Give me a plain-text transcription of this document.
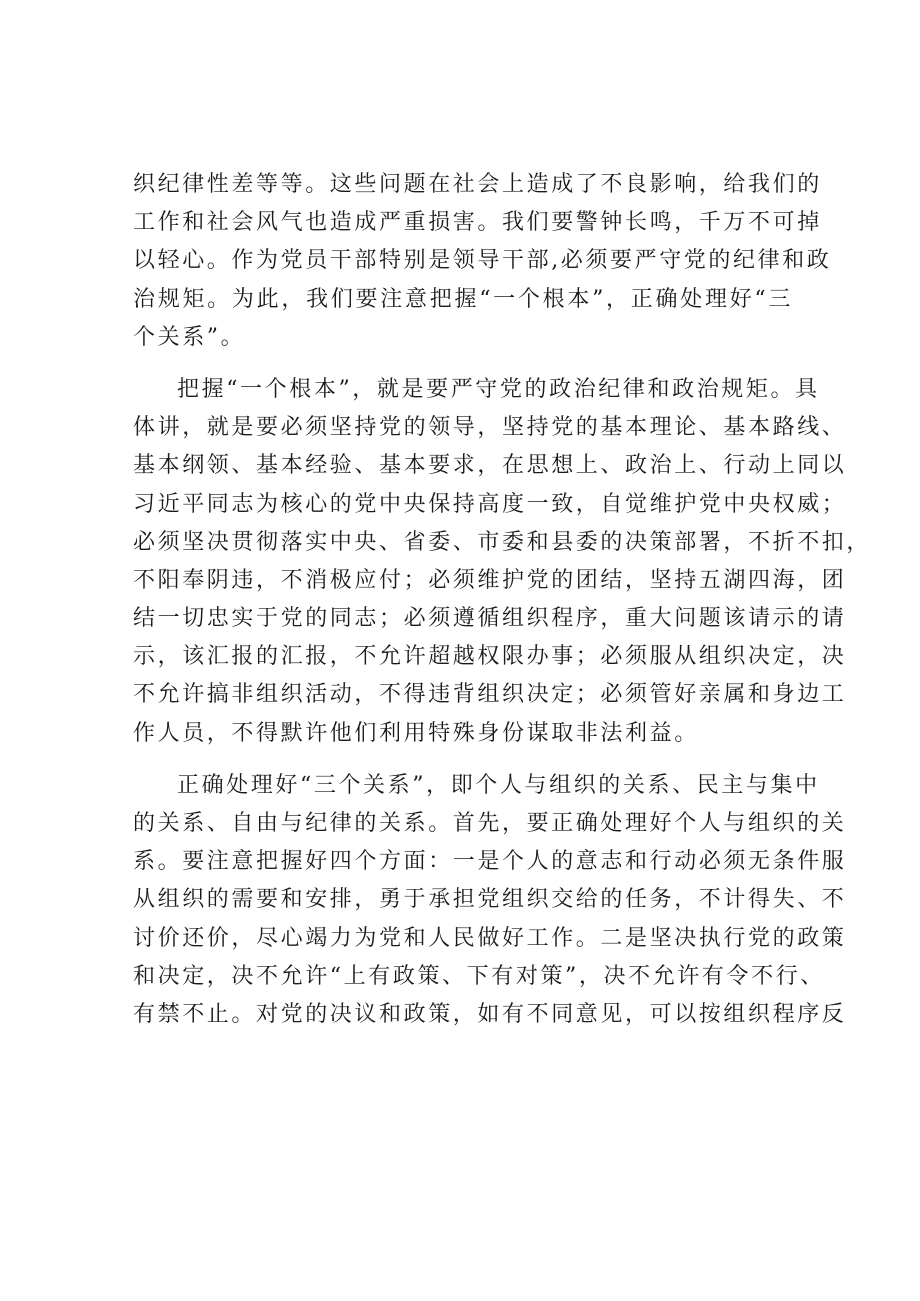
织纪律性差等等。这些问题在社会上造成了不良影响，给我们的
工作和社会风气也造成严重损害。我们要警钟长鸣，千万不可掉
以轻心。作为党员干部特别是领导干部,必须要严守党的纪律和政
治规矩。为此，我们要注意把握“一个根本”，正确处理好“三
个关系”。
把握“一个根本”，就是要严守党的政治纪律和政治规矩。具
体讲，就是要必须坚持党的领导，坚持党的基本理论、基本路线、
基本纲领、基本经验、基本要求，在思想上、政治上、行动上同以
习近平同志为核心的党中央保持高度一致，自觉维护党中央权威；
必须坚决贯彻落实中央、省委、市委和县委的决策部署，不折不扣，
不阳奉阴违，不消极应付；必须维护党的团结，坚持五湖四海，团
结一切忠实于党的同志；必须遵循组织程序，重大问题该请示的请
示，该汇报的汇报，不允许超越权限办事；必须服从组织决定，决
不允许搞非组织活动，不得违背组织决定；必须管好亲属和身边工
作人员，不得默许他们利用特殊身份谋取非法利益。
正确处理好“三个关系”，即个人与组织的关系、民主与集中
的关系、自由与纪律的关系。首先，要正确处理好个人与组织的关
系。要注意把握好四个方面：一是个人的意志和行动必须无条件服
从组织的需要和安排，勇于承担党组织交给的任务，不计得失、不
讨价还价，尽心竭力为党和人民做好工作。二是坚决执行党的政策
和决定，决不允许“上有政策、下有对策”，决不允许有令不行、
有禁不止。对党的决议和政策，如有不同意见，可以按组织程序反
